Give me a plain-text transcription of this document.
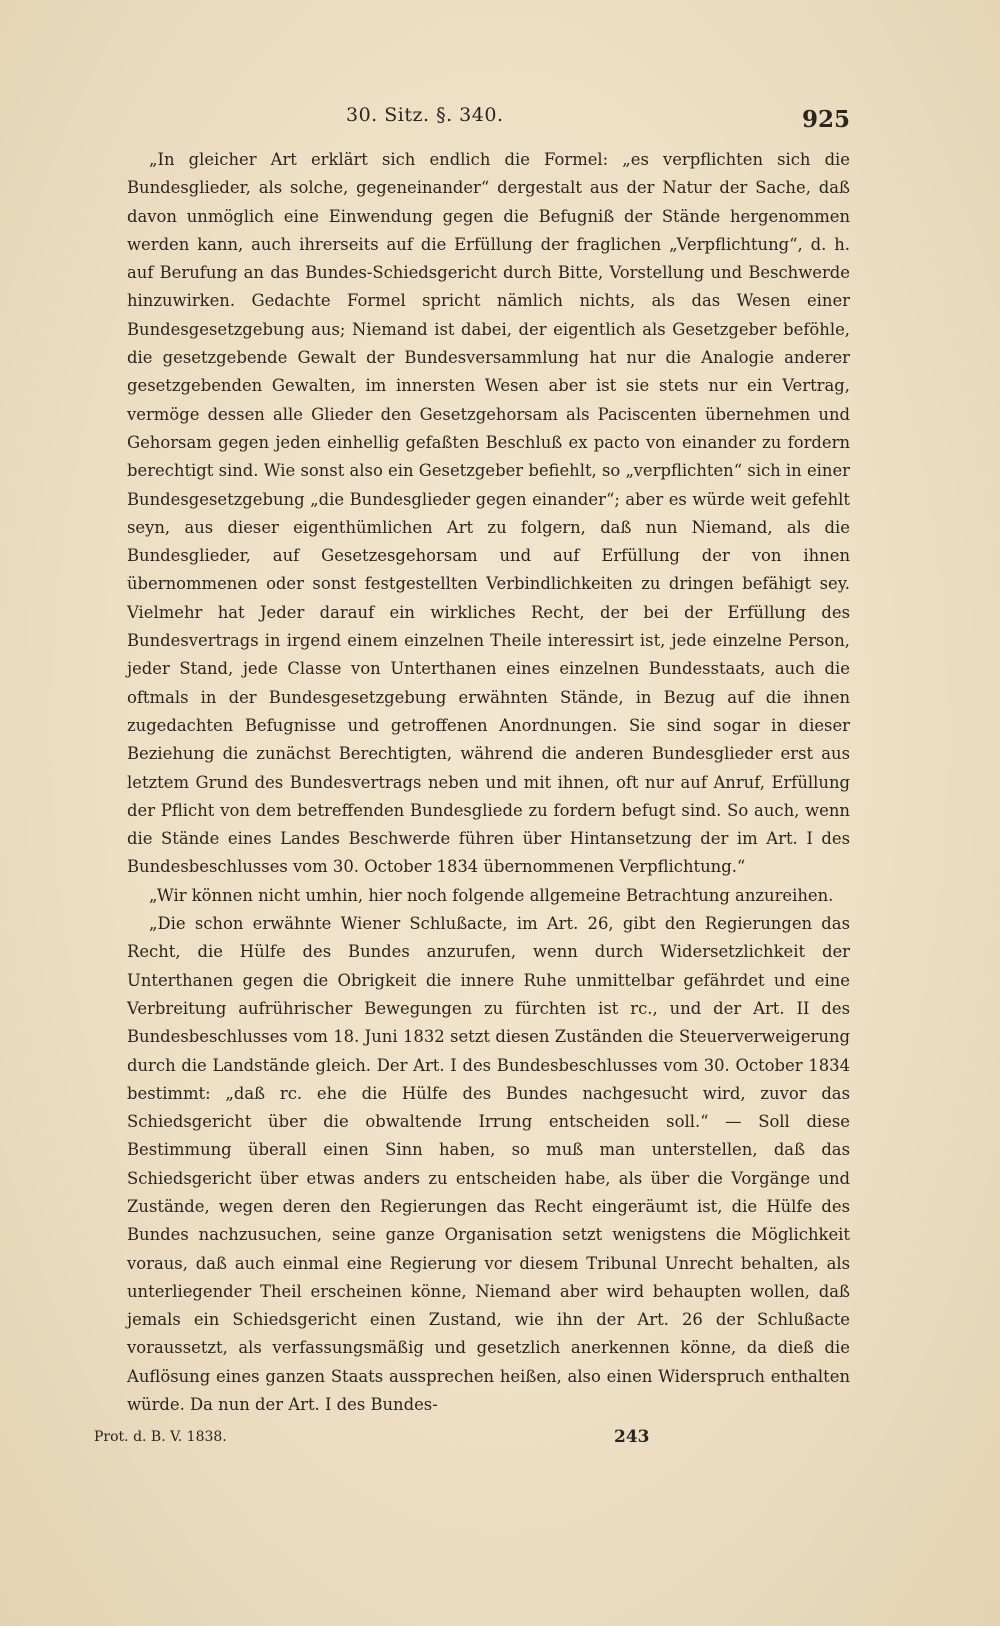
30. Sitz. §. 340.	925

„In gleicher Art erklärt sich endlich die Formel: „es verpflichten sich die Bundesglieder, als solche, gegeneinander“ dergestalt aus der Natur der Sache, daß davon unmöglich eine Einwendung gegen die Befugniß der Stände hergenommen werden kann, auch ihrerseits auf die Erfüllung der fraglichen „Verpflichtung“, d. h. auf Berufung an das Bundes-Schiedsgericht durch Bitte, Vorstellung und Beschwerde hinzuwirken. Gedachte Formel spricht nämlich nichts, als das Wesen einer Bundesgesetzgebung aus; Niemand ist dabei, der eigentlich als Gesetzgeber beföhle, die gesetzgebende Gewalt der Bundesversammlung hat nur die Analogie anderer gesetzgebenden Gewalten, im innersten Wesen aber ist sie stets nur ein Vertrag, vermöge dessen alle Glieder den Gesetzgehorsam als Paciscenten übernehmen und Gehorsam gegen jeden einhellig gefaßten Beschluß ex pacto von einander zu fordern berechtigt sind. Wie sonst also ein Gesetzgeber befiehlt, so „verpflichten“ sich in einer Bundesgesetzgebung „die Bundesglieder gegen einander“; aber es würde weit gefehlt seyn, aus dieser eigenthümlichen Art zu folgern, daß nun Niemand, als die Bundesglieder, auf Gesetzesgehorsam und auf Erfüllung der von ihnen übernommenen oder sonst festgestellten Verbindlichkeiten zu dringen befähigt sey. Vielmehr hat Jeder darauf ein wirkliches Recht, der bei der Erfüllung des Bundesvertrags in irgend einem einzelnen Theile interessirt ist, jede einzelne Person, jeder Stand, jede Classe von Unterthanen eines einzelnen Bundesstaats, auch die oftmals in der Bundesgesetzgebung erwähnten Stände, in Bezug auf die ihnen zugedachten Befugnisse und getroffenen Anordnungen. Sie sind sogar in dieser Beziehung die zunächst Berechtigten, während die anderen Bundesglieder erst aus letztem Grund des Bundesvertrags neben und mit ihnen, oft nur auf Anruf, Erfüllung der Pflicht von dem betreffenden Bundesgliede zu fordern befugt sind. So auch, wenn die Stände eines Landes Beschwerde führen über Hintansetzung der im Art. I des Bundesbeschlusses vom 30. October 1834 übernommenen Verpflichtung.“

„Wir können nicht umhin, hier noch folgende allgemeine Betrachtung anzureihen.

„Die schon erwähnte Wiener Schlußacte, im Art. 26, gibt den Regierungen das Recht, die Hülfe des Bundes anzurufen, wenn durch Widersetzlichkeit der Unterthanen gegen die Obrigkeit die innere Ruhe unmittelbar gefährdet und eine Verbreitung aufrührischer Bewegungen zu fürchten ist rc., und der Art. II des Bundesbeschlusses vom 18. Juni 1832 setzt diesen Zuständen die Steuerverweigerung durch die Landstände gleich. Der Art. I des Bundesbeschlusses vom 30. October 1834 bestimmt: „daß rc. ehe die Hülfe des Bundes nachgesucht wird, zuvor das Schiedsgericht über die obwaltende Irrung entscheiden soll.“ — Soll diese Bestimmung überall einen Sinn haben, so muß man unterstellen, daß das Schiedsgericht über etwas anders zu entscheiden habe, als über die Vorgänge und Zustände, wegen deren den Regierungen das Recht eingeräumt ist, die Hülfe des Bundes nachzusuchen, seine ganze Organisation setzt wenigstens die Möglichkeit voraus, daß auch einmal eine Regierung vor diesem Tribunal Unrecht behalten, als unterliegender Theil erscheinen könne, Niemand aber wird behaupten wollen, daß jemals ein Schiedsgericht einen Zustand, wie ihn der Art. 26 der Schlußacte voraussetzt, als verfassungsmäßig und gesetzlich anerkennen könne, da dieß die Auflösung eines ganzen Staats aussprechen heißen, also einen Widerspruch enthalten würde. Da nun der Art. I des Bundes-

Prot. d. B. V. 1838.	243
